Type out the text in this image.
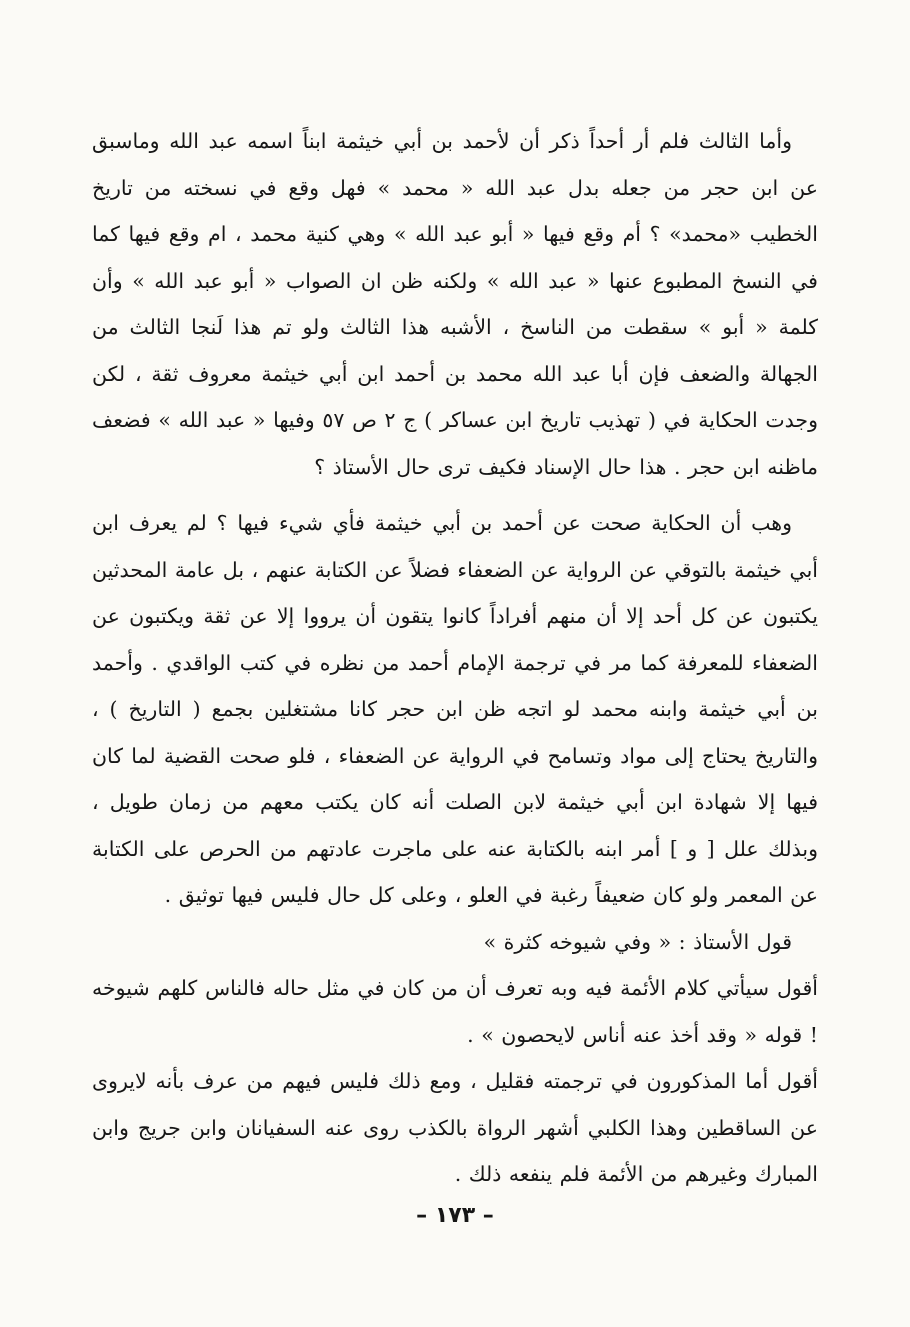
وأما الثالث فلم أر أحداً ذكر أن لأحمد بن أبي خيثمة ابناً اسمه عبد الله وماسبق عن ابن حجر من جعله بدل عبد الله « محمد » فهل وقع في نسخته من تاريخ الخطيب «محمد» ؟ أم وقع فيها « أبو عبد الله » وهي كنية محمد ، ام وقع فيها كما في النسخ المطبوع عنها « عبد الله » ولكنه ظن ان الصواب « أبو عبد الله » وأن كلمة « أبو » سقطت من الناسخ ، الأشبه هذا الثالث ولو تم هذا لَنجا الثالث من الجهالة والضعف فإن أبا عبد الله محمد بن أحمد ابن أبي خيثمة معروف ثقة ، لكن وجدت الحكاية في ( تهذيب تاريخ ابن عساكر ) ج ٢ ص ٥٧ وفيها « عبد الله » فضعف ماظنه ابن حجر . هذا حال الإسناد فكيف ترى حال الأستاذ ؟

وهب أن الحكاية صحت عن أحمد بن أبي خيثمة فأي شيء فيها ؟ لم يعرف ابن أبي خيثمة بالتوقي عن الرواية عن الضعفاء فضلاً عن الكتابة عنهم ، بل عامة المحدثين يكتبون عن كل أحد إلا أن منهم أفراداً كانوا يتقون أن يرووا إلا عن ثقة ويكتبون عن الضعفاء للمعرفة كما مر في ترجمة الإمام أحمد من نظره في كتب الواقدي . وأحمد بن أبي خيثمة وابنه محمد لو اتجه ظن ابن حجر كانا مشتغلين بجمع ( التاريخ ) ، والتاريخ يحتاج إلى مواد وتسامح في الرواية عن الضعفاء ، فلو صحت القضية لما كان فيها إلا شهادة ابن أبي خيثمة لابن الصلت أنه كان يكتب معهم من زمان طويل ، وبذلك علل [ و ] أمر ابنه بالكتابة عنه على ماجرت عادتهم من الحرص على الكتابة عن المعمر ولو كان ضعيفاً رغبة في العلو ، وعلى كل حال فليس فيها توثيق .

قول الأستاذ : « وفي شيوخه كثرة »

أقول سيأتي كلام الأئمة فيه وبه تعرف أن من كان في مثل حاله فالناس كلهم شيوخه ! قوله « وقد أخذ عنه أناس لايحصون » .

أقول أما المذكورون في ترجمته فقليل ، ومع ذلك فليس فيهم من عرف بأنه لايروى عن الساقطين وهذا الكلبي أشهر الرواة بالكذب روى عنه السفيانان وابن جريج وابن المبارك وغيرهم من الأئمة فلم ينفعه ذلك .

– ١٧٣ –
